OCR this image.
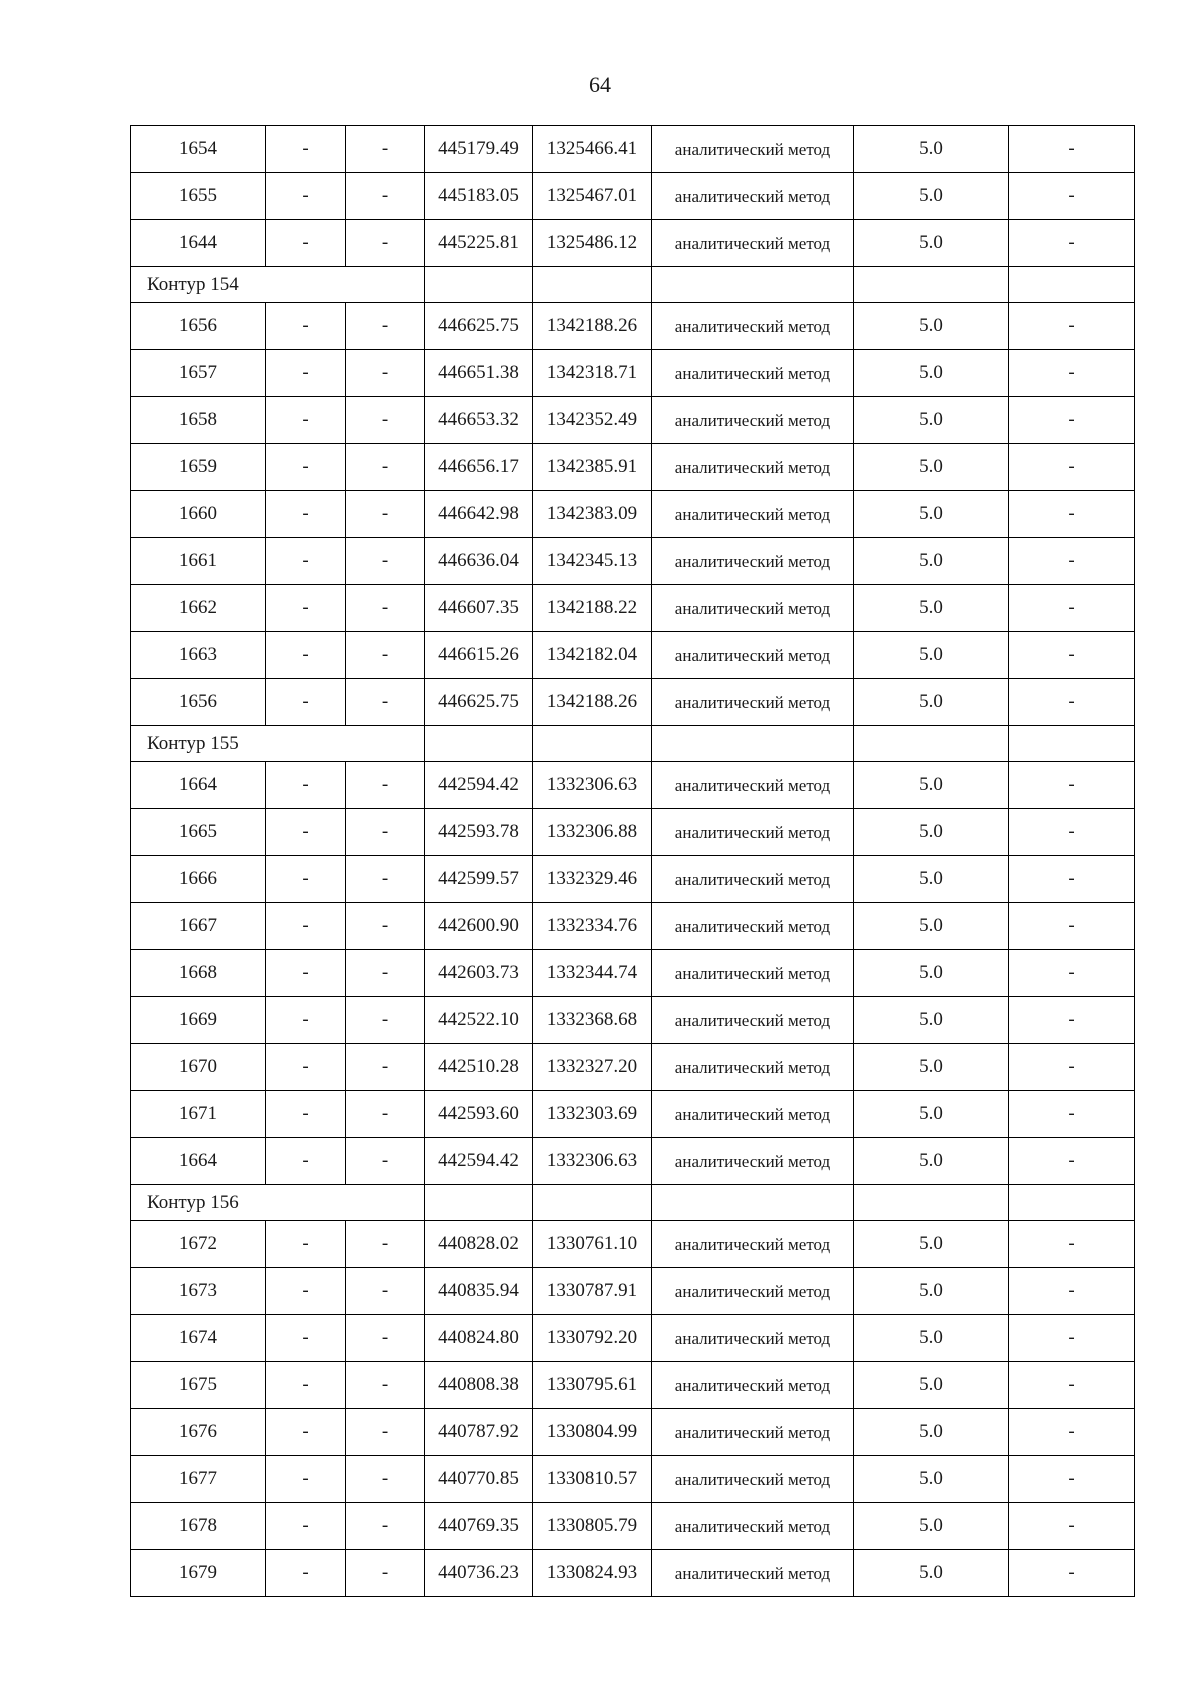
64
1654	-	-	445179.49	1325466.41	аналитический метод	5.0	-
1655	-	-	445183.05	1325467.01	аналитический метод	5.0	-
1644	-	-	445225.81	1325486.12	аналитический метод	5.0	-
Контур 154							
1656	-	-	446625.75	1342188.26	аналитический метод	5.0	-
1657	-	-	446651.38	1342318.71	аналитический метод	5.0	-
1658	-	-	446653.32	1342352.49	аналитический метод	5.0	-
1659	-	-	446656.17	1342385.91	аналитический метод	5.0	-
1660	-	-	446642.98	1342383.09	аналитический метод	5.0	-
1661	-	-	446636.04	1342345.13	аналитический метод	5.0	-
1662	-	-	446607.35	1342188.22	аналитический метод	5.0	-
1663	-	-	446615.26	1342182.04	аналитический метод	5.0	-
1656	-	-	446625.75	1342188.26	аналитический метод	5.0	-
Контур 155							
1664	-	-	442594.42	1332306.63	аналитический метод	5.0	-
1665	-	-	442593.78	1332306.88	аналитический метод	5.0	-
1666	-	-	442599.57	1332329.46	аналитический метод	5.0	-
1667	-	-	442600.90	1332334.76	аналитический метод	5.0	-
1668	-	-	442603.73	1332344.74	аналитический метод	5.0	-
1669	-	-	442522.10	1332368.68	аналитический метод	5.0	-
1670	-	-	442510.28	1332327.20	аналитический метод	5.0	-
1671	-	-	442593.60	1332303.69	аналитический метод	5.0	-
1664	-	-	442594.42	1332306.63	аналитический метод	5.0	-
Контур 156							
1672	-	-	440828.02	1330761.10	аналитический метод	5.0	-
1673	-	-	440835.94	1330787.91	аналитический метод	5.0	-
1674	-	-	440824.80	1330792.20	аналитический метод	5.0	-
1675	-	-	440808.38	1330795.61	аналитический метод	5.0	-
1676	-	-	440787.92	1330804.99	аналитический метод	5.0	-
1677	-	-	440770.85	1330810.57	аналитический метод	5.0	-
1678	-	-	440769.35	1330805.79	аналитический метод	5.0	-
1679	-	-	440736.23	1330824.93	аналитический метод	5.0	-
